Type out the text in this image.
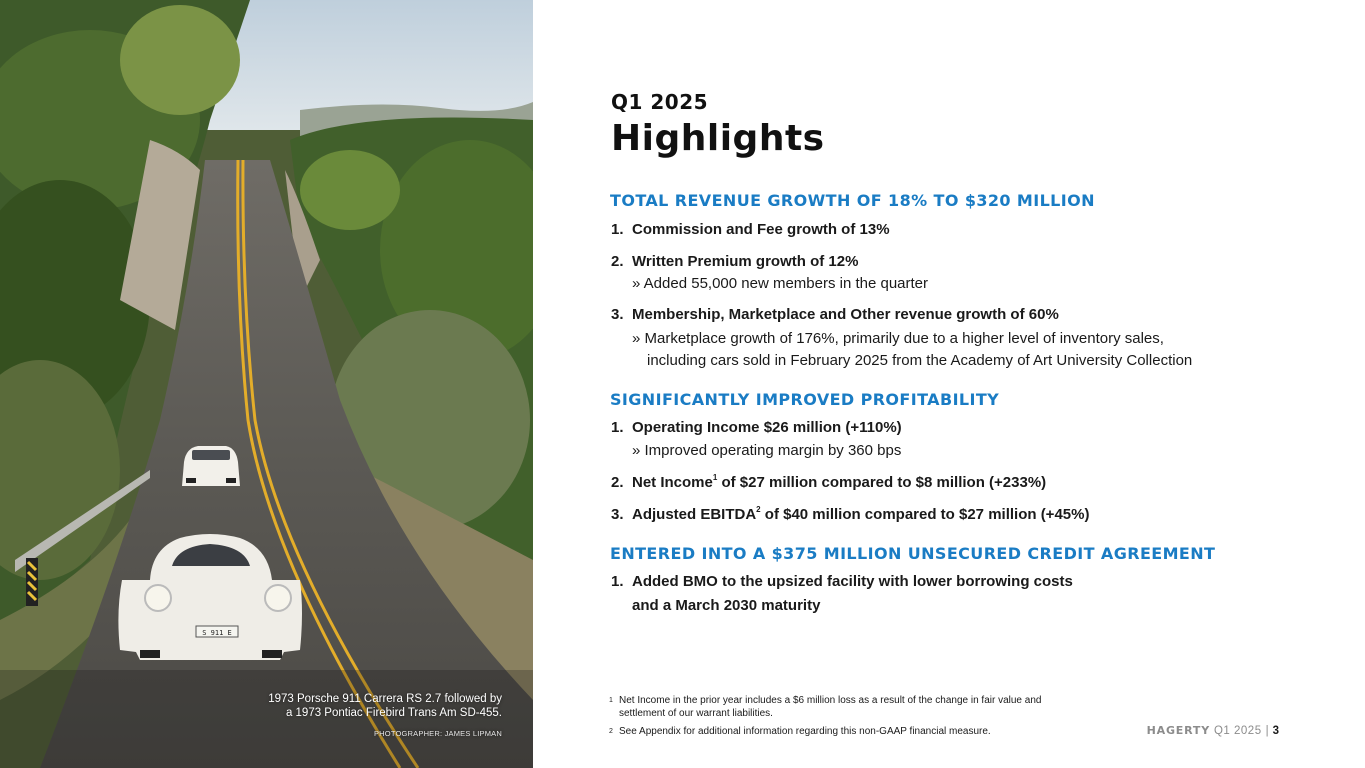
S 911 E
1973 Porsche 911 Carrera RS 2.7 followed by
a 1973 Pontiac Firebird Trans Am SD-455.
PHOTOGRAPHER: JAMES LIPMAN
Q1 2025
Highlights
TOTAL REVENUE GROWTH OF 18% TO $320 MILLION
1. Commission and Fee growth of 13%
2. Written Premium growth of 12%
» Added 55,000 new members in the quarter
3. Membership, Marketplace and Other revenue growth of 60%
» Marketplace growth of 176%, primarily due to a higher level of inventory sales,
including cars sold in February 2025 from the Academy of Art University Collection
SIGNIFICANTLY IMPROVED PROFITABILITY
1. Operating Income $26 million (+110%)
» Improved operating margin by 360 bps
2. Net Income$^1$ of $27 million compared to $8 million (+233%)
3. Adjusted EBITDA$^2$ of $40 million compared to $27 million (+45%)
ENTERED INTO A $375 MILLION UNSECURED CREDIT AGREEMENT
1. Added BMO to the upsized facility with lower borrowing costs
and a March 2030 maturity
1 Net Income in the prior year includes a $6 million loss as a result of the change in fair value and
settlement of our warrant liabilities.
2 See Appendix for additional information regarding this non-GAAP financial measure.	HAGERTY Q1 2025 | 3
